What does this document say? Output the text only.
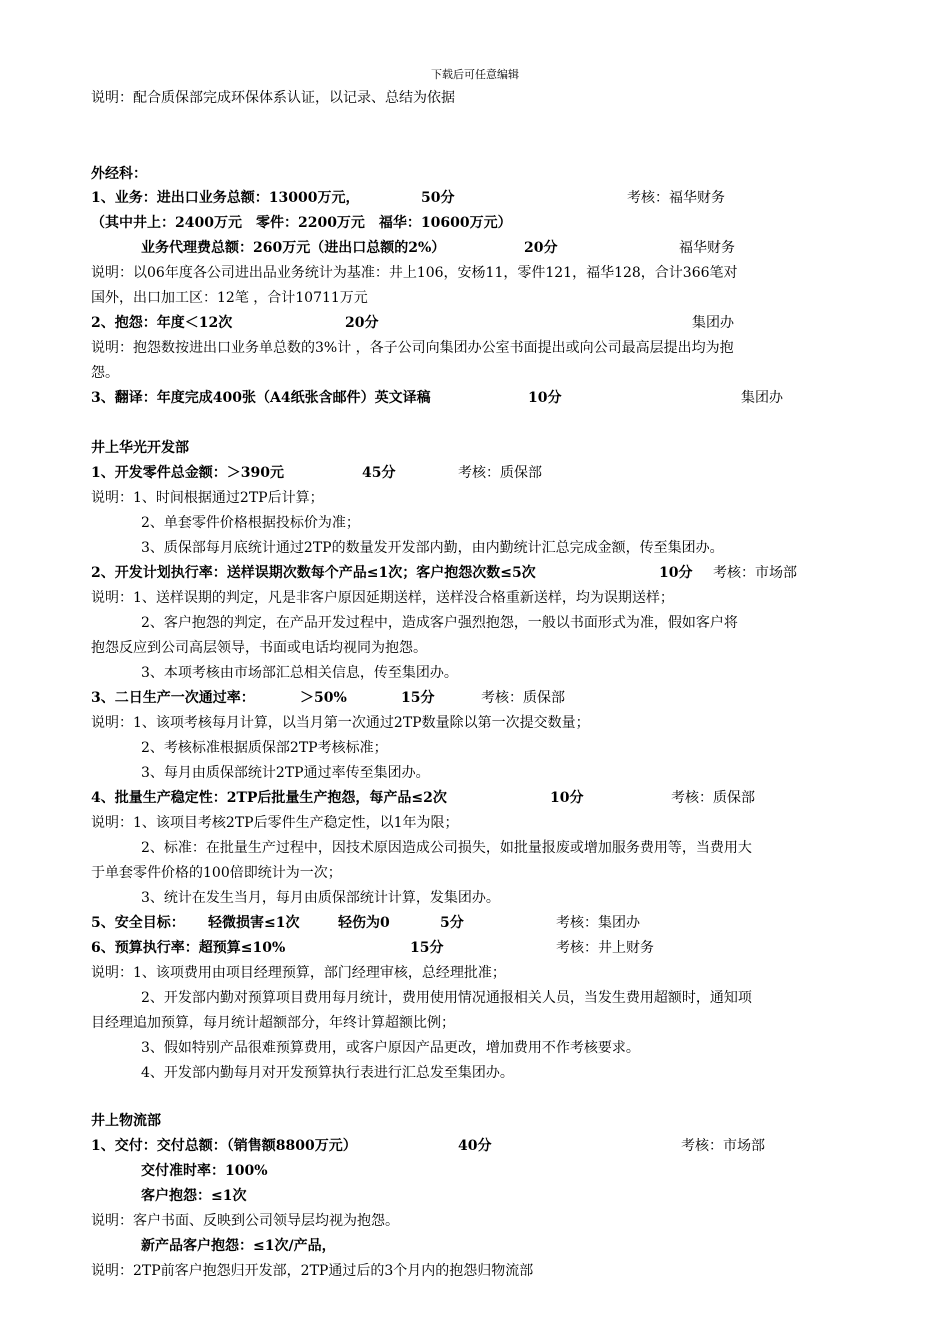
下载后可任意编辑
说明：配合质保部完成环保体系认证，以记录、总结为依据
外经科：
1、业务：进出口业务总额：13000万元，	50分	考核：福华财务
（其中井上：2400万元　零件：2200万元　福华：10600万元）
业务代理费总额：260万元（进出口总额的2%）	20分	福华财务
说明：以06年度各公司进出品业务统计为基准：井上106，安杨11，零件121，福华128，合计366笔对
国外，出口加工区：12笔 ，合计10711万元
2、抱怨：年度＜12次	20分	集团办
说明：抱怨数按进出口业务单总数的3%计 ，各子公司向集团办公室书面提出或向公司最高层提出均为抱
怨。
3、翻译：年度完成400张（A4纸张含邮件）英文译稿	10分	集团办
井上华光开发部
1、开发零件总金额：＞390元	45分	考核：质保部
说明：1、时间根据通过2TP后计算；
2、单套零件价格根据投标价为准；
3、质保部每月底统计通过2TP的数量发开发部内勤，由内勤统计汇总完成金额，传至集团办。
2、开发计划执行率：送样误期次数每个产品≤1次；客户抱怨次数≤5次	10分 考核：市场部
说明：1、送样误期的判定，凡是非客户原因延期送样，送样没合格重新送样，均为误期送样；
2、客户抱怨的判定，在产品开发过程中，造成客户强烈抱怨，一般以书面形式为准，假如客户将
抱怨反应到公司高层领导，书面或电话均视同为抱怨。
3、本项考核由市场部汇总相关信息，传至集团办。
3、二日生产一次通过率：	＞50%	15分	考核：质保部
说明：1、该项考核每月计算，以当月第一次通过2TP数量除以第一次提交数量；
2、考核标准根据质保部2TP考核标准；
3、每月由质保部统计2TP通过率传至集团办。
4、批量生产稳定性：2TP后批量生产抱怨，每产品≤2次	10分	考核：质保部
说明：1、该项目考核2TP后零件生产稳定性，以1年为限；
2、标准：在批量生产过程中，因技术原因造成公司损失，如批量报废或增加服务费用等，当费用大
于单套零件价格的100倍即统计为一次；
3、统计在发生当月，每月由质保部统计计算，发集团办。
5、安全目标： 轻微损害≤1次	轻伤为0	5分	考核：集团办
6、预算执行率：超预算≤10%	15分	考核：井上财务
说明：1、该项费用由项目经理预算，部门经理审核，总经理批准；
2、开发部内勤对预算项目费用每月统计，费用使用情况通报相关人员，当发生费用超额时，通知项
目经理追加预算，每月统计超额部分，年终计算超额比例；
3、假如特别产品很难预算费用，或客户原因产品更改，增加费用不作考核要求。
4、开发部内勤每月对开发预算执行表进行汇总发至集团办。
井上物流部
1、交付：交付总额：（销售额8800万元）	40分	考核：市场部
交付准时率：100%
客户抱怨：≤1次
说明：客户书面、反映到公司领导层均视为抱怨。
新产品客户抱怨：≤1次/产品，
说明：2TP前客户抱怨归开发部，2TP通过后的3个月内的抱怨归物流部
